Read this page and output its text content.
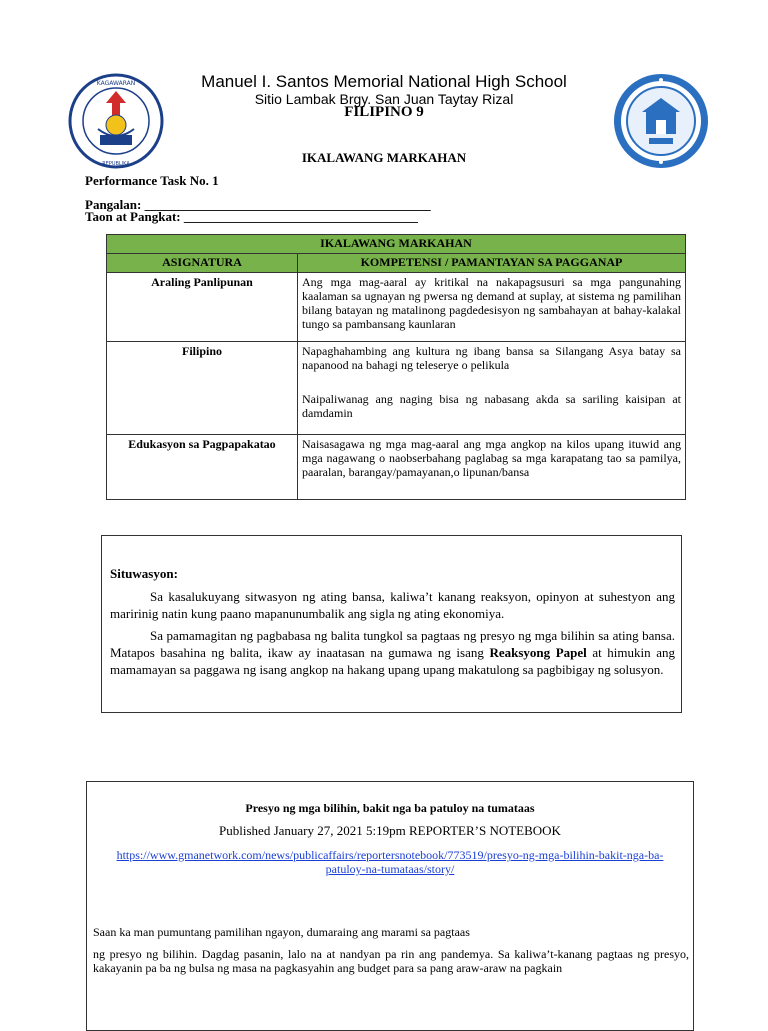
KAGAWARAN
REPUBLIKA
Manuel I. Santos Memorial National High School
Sitio Lambak Brgy. San Juan Taytay Rizal
FILIPINO 9
IKALAWANG MARKAHAN
Performance Task No. 1
Pangalan: ____________________________________________
Taon at Pangkat: ____________________________________
IKALAWANG MARKAHAN	
ASIGNATURA	KOMPETENSI / PAMANTAYAN SA PAGGANAP
Araling Panlipunan	Ang mga mag-aaral ay kritikal na nakapagsusuri sa mga pangunahing kaalaman sa ugnayan ng pwersa ng demand at suplay, at sistema ng pamilihan bilang batayan ng matalinong pagdedesisyon ng sambahayan at bahay-kalakal tungo sa pambansang kaunlaran
Filipino	Napaghahambing ang kultura ng ibang bansa sa Silangang Asya batay sa napanood na bahagi ng teleserye o pelikula
Naipaliwanag ang naging bisa ng nabasang akda sa sariling kaisipan at damdamin

Edukasyon sa Pagpapakatao	Naisasagawa ng mga mag-aaral ang mga angkop na kilos upang ituwid ang mga nagawang o naobserbahang paglabag sa mga karapatang tao sa pamilya, paaralan, barangay/pamayanan,o lipunan/bansa
Situwasyon:
Sa kasalukuyang sitwasyon ng ating bansa, kaliwa’t kanang reaksyon, opinyon at suhestyon ang maririnig natin kung paano mapanunumbalik ang sigla ng ating ekonomiya.
Sa pamamagitan ng pagbabasa ng balita tungkol sa pagtaas ng presyo ng mga bilihin sa ating bansa. Matapos basahina ng balita, ikaw ay inaatasan na gumawa ng isang Reaksyong Papel at himukin ang mamamayan sa paggawa ng isang angkop na hakang upang upang makatulong sa pagbibigay ng solusyon.
Presyo ng mga bilihin, bakit nga ba patuloy na tumataas
Published January 27, 2021 5:19pm REPORTER’S NOTEBOOK
https://www.gmanetwork.com/news/publicaffairs/reportersnotebook/773519/presyo-ng-mga-bilihin-bakit-nga-ba-patuloy-na-tumataas/story/
Saan ka man pumuntang pamilihan ngayon, dumaraing ang marami sa pagtaas
ng presyo ng bilihin. Dagdag pasanin, lalo na at nandyan pa rin ang pandemya. Sa kaliwa’t-kanang pagtaas ng presyo, kakayanin pa ba ng bulsa ng masa na pagkasyahin ang budget para sa pang araw-araw na pagkain
